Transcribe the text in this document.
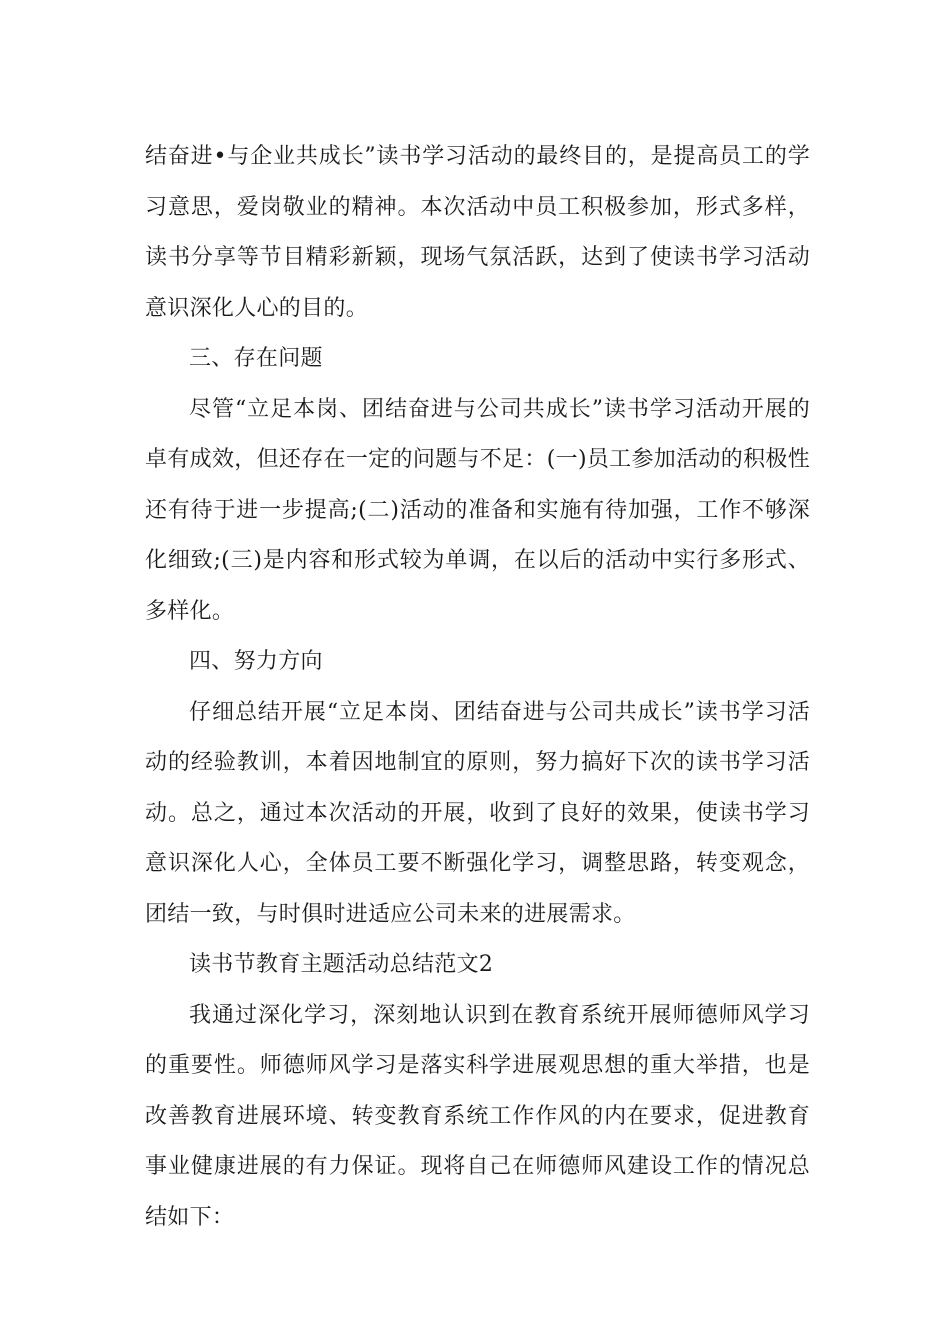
结奋进•与企业共成长”读书学习活动的最终目的，是提高员工的学习意思，爱岗敬业的精神。本次活动中员工积极参加，形式多样，读书分享等节目精彩新颖，现场气氛活跃，达到了使读书学习活动意识深化人心的目的。

三、存在问题

尽管“立足本岗、团结奋进与公司共成长”读书学习活动开展的卓有成效，但还存在一定的问题与不足：(一)员工参加活动的积极性还有待于进一步提高;(二)活动的准备和实施有待加强，工作不够深化细致;(三)是内容和形式较为单调，在以后的活动中实行多形式、多样化。

四、努力方向

仔细总结开展“立足本岗、团结奋进与公司共成长”读书学习活动的经验教训，本着因地制宜的原则，努力搞好下次的读书学习活动。总之，通过本次活动的开展，收到了良好的效果，使读书学习意识深化人心，全体员工要不断强化学习，调整思路，转变观念，团结一致，与时俱时进适应公司未来的进展需求。

读书节教育主题活动总结范文2

我通过深化学习，深刻地认识到在教育系统开展师德师风学习的重要性。师德师风学习是落实科学进展观思想的重大举措，也是改善教育进展环境、转变教育系统工作作风的内在要求，促进教育事业健康进展的有力保证。现将自己在师德师风建设工作的情况总结如下：
